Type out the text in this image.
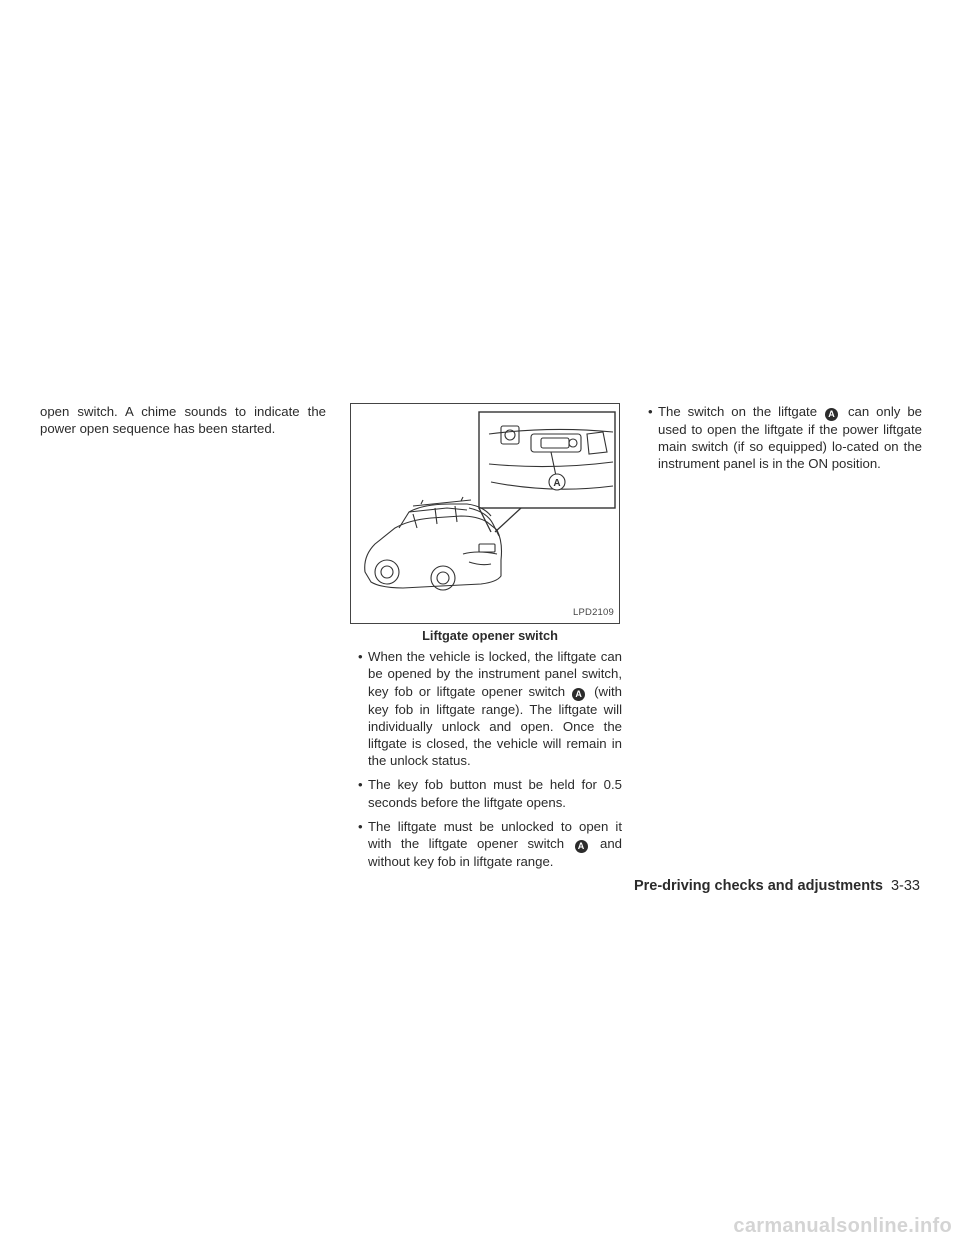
open switch. A chime sounds to indicate the power open sequence has been started.
A
LPD2109
Liftgate opener switch
• When the vehicle is locked, the liftgate can be opened by the instrument panel switch, key fob or liftgate opener switch A (with key fob in liftgate range). The liftgate will individually unlock and open. Once the liftgate is closed, the vehicle will remain in the unlock status.
• The key fob button must be held for 0.5 seconds before the liftgate opens.
• The liftgate must be unlocked to open it with the liftgate opener switch A and without key fob in liftgate range.
• The switch on the liftgate A can only be used to open the liftgate if the power liftgate main switch (if so equipped) lo-cated on the instrument panel is in the ON position.
Pre-driving checks and adjustments 3-33
carmanualsonline.info
